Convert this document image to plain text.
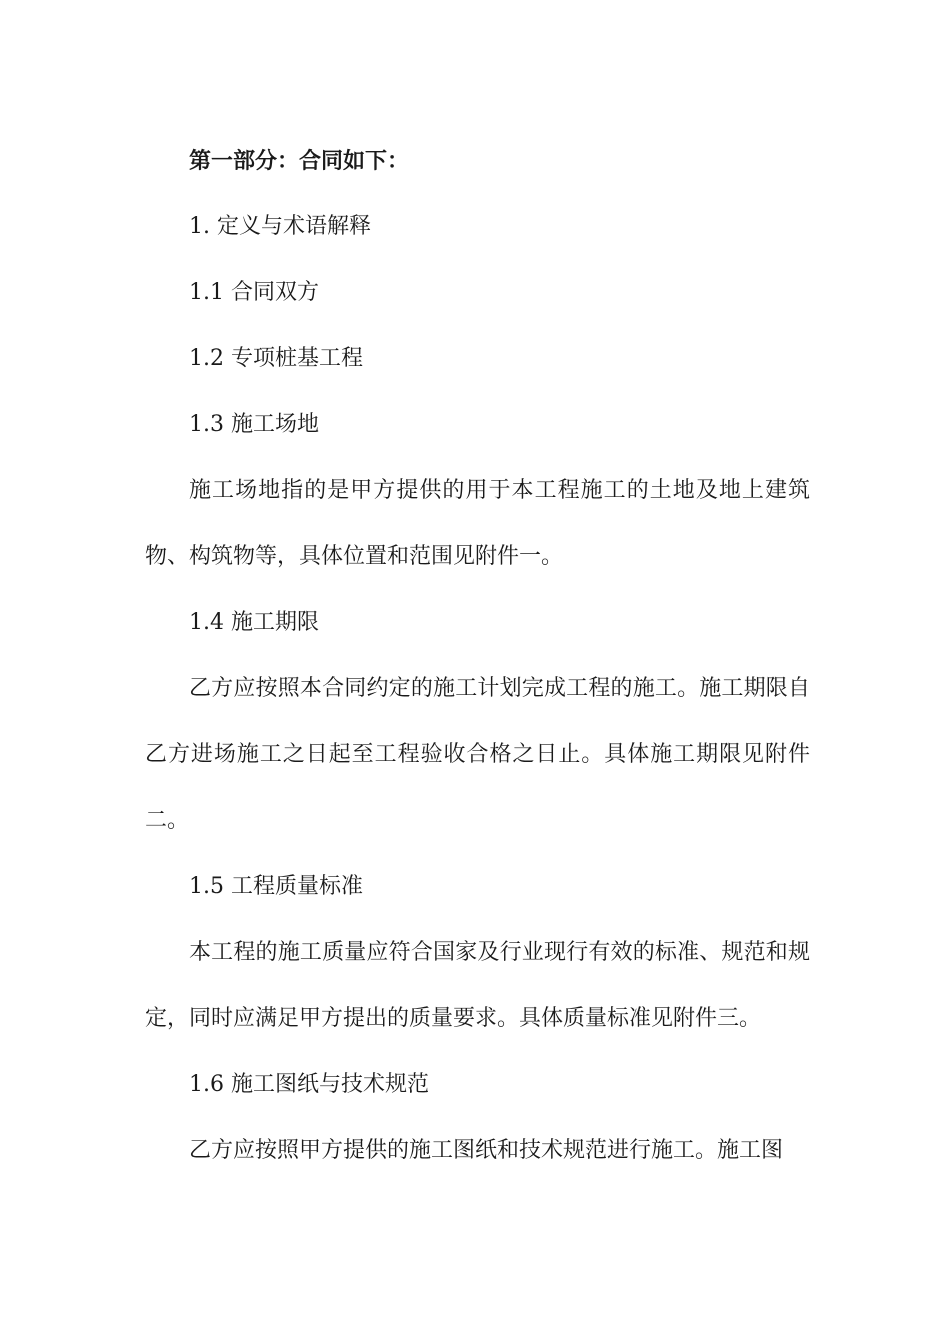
第一部分：合同如下：
1. 定义与术语解释
1.1 合同双方
1.2 专项桩基工程
1.3 施工场地

施工场地指的是甲方提供的用于本工程施工的土地及地上建筑物、构筑物等，具体位置和范围见附件一。

1.4 施工期限

乙方应按照本合同约定的施工计划完成工程的施工。施工期限自乙方进场施工之日起至工程验收合格之日止。具体施工期限见附件二。

1.5 工程质量标准

本工程的施工质量应符合国家及行业现行有效的标准、规范和规定，同时应满足甲方提出的质量要求。具体质量标准见附件三。

1.6 施工图纸与技术规范

乙方应按照甲方提供的施工图纸和技术规范进行施工。施工图
